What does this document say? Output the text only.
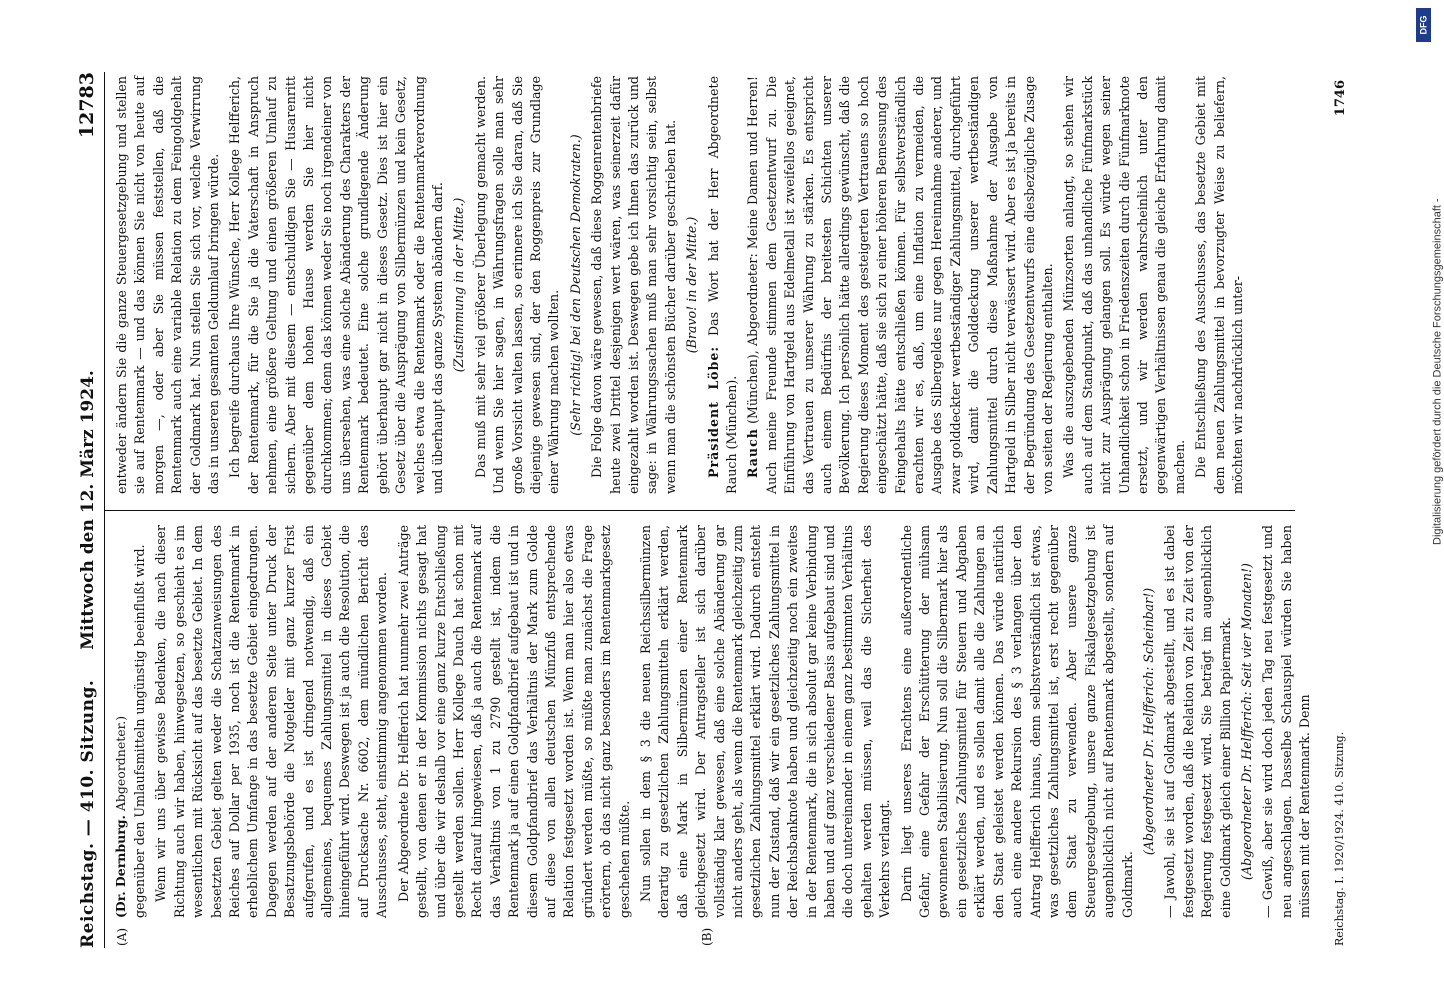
Reichstag. — 410. Sitzung.
Mittwoch den 12. März 1924.
12783
(A)	(B)
(Dr. Dernburg. Abgeordneter.) gegenüber den Umlaufsmitteln ungünstig beeinflußt wird. Wenn wir uns über gewisse Bedenken, die nach dieser Richtung auch wir haben, hinwegsetzen, so geschieht es im wesentlichen mit Rücksicht auf das besetzte Gebiet. In dem besetzten Gebiet gelten weder die Schatzanweisungen des Reiches auf Dollar per 1935, noch ist die Rentenmark in erheblichem Umfange in das besetzte Gebiet eingedrungen. Dagegen werden auf der anderen Seite unter Druck der Besatzungsbehörde die Notgelder mit ganz kurzer Frist aufgerufen, und es ist dringend notwendig, daß ein allgemeines, bequemes Zahlungsmittel in dieses Gebiet hineingeführt wird. Deswegen ist ja auch die Resolution, die auf Drucksache Nr. 6602, dem mündlichen Bericht des Ausschusses, steht, einstimmig angenommen worden. Der Abgeordnete Dr. Helfferich hat nunmehr zwei Anträge gestellt, von denen er in der Kommission nichts gesagt hat und über die wir deshalb vor eine ganz kurze Entschließung gestellt werden sollen. Herr Kollege Dauch hat schon mit Recht darauf hingewiesen, daß ja auch die Rentenmark auf das Verhältnis von 1 zu 2790 gestellt ist, indem die Rentenmark ja auf einen Goldpfandbrief aufgebaut ist und in diesem Goldpfandbrief das Verhältnis der Mark zum Golde auf diese von allen deutschen Münzfuß entsprechende Relation festgesetzt worden ist. Wenn man hier also etwas gründert werden müßte, so müßte man zunächst die Frage erörtern, ob das nicht ganz besonders im Rentenmarkgesetz geschehen müßte. Nun sollen in dem § 3 die neuen Reichssilbermünzen derartig zu gesetzlichen Zahlungsmitteln erklärt werden, daß eine Mark in Silbermünzen einer Rentenmark gleichgesetzt wird. Der Antragsteller ist sich darüber vollständig klar gewesen, daß eine solche Abänderung gar nicht anders geht, als wenn die Rentenmark gleichzeitig zum gesetzlichen Zahlungsmittel erklärt wird. Dadurch entsteht nun der Zustand, daß wir ein gesetzliches Zahlungsmittel in der Reichsbanknote haben und gleichzeitig noch ein zweites in der Rentenmark, die in sich absolut gar keine Verbindung haben und auf ganz verschiedener Basis aufgebaut sind und die doch untereinander in einem ganz bestimmten Verhältnis gehalten werden müssen, weil das die Sicherheit des Verkehrs verlangt. Darin liegt unseres Erachtens eine außerordentliche Gefahr, eine Gefahr der Erschütterung der mühsam gewonnenen Stabilisierung. Nun soll die Silbermark hier als ein gesetzliches Zahlungsmittel für Steuern und Abgaben erklärt werden, und es sollen damit alle die Zahlungen an den Staat geleistet werden können. Das würde natürlich auch eine andere Rekursion des § 3 verlangen über den Antrag Helfferich hinaus, denn selbstverständlich ist etwas, was gesetzliches Zahlungsmittel ist, erst recht gegenüber dem Staat zu verwenden. Aber unsere ganze Steuergesetzgebung, unsere ganze Fiskalgesetzgebung ist augenblicklich nicht auf Rentenmark abgestellt, sondern auf Goldmark.

(Abgeordneter Dr. Helfferich: Scheinbar!) — Jawohl, sie ist auf Goldmark abgestellt, und es ist dabei festgesetzt worden, daß die Relation von Zeit zu Zeit von der Regierung festgesetzt wird. Sie beträgt im augenblicklich eine Goldmark gleich einer Billion Papiermark. (Abgeordneter Dr. Helfferich: Seit vier Monaten!) — Gewiß, aber sie wird doch jeden Tag neu festgesetzt und neu angeschlagen. Dasselbe Schauspiel würden Sie haben müssen mit der Rentenmark. Denn

entweder ändern Sie die ganze Steuergesetzgebung und stellen sie auf Rentenmark — und das können Sie nicht von heute auf morgen —, oder aber Sie müssen feststellen, daß die Rentenmark auch eine variable Relation zu dem Feingoldgehalt der Goldmark hat. Nun stellen Sie sich vor, welche Verwirrung das in unseren gesamten Geldumlauf bringen würde. Ich begreife durchaus Ihre Wünsche, Herr Kollege Helfferich, der Rentenmark, für die Sie ja die Vaterschaft in Anspruch nehmen, eine größere Geltung und einen größeren Umlauf zu sichern. Aber mit diesem — entschuldigen Sie — Husarenritt gegenüber dem hohen Hause werden Sie hier nicht durchkommen; denn das können weder Sie noch irgendeiner von uns übersehen, was eine solche Abänderung des Charakters der Rentenmark bedeutet. Eine solche grundlegende Änderung gehört überhaupt gar nicht in dieses Gesetz. Dies ist hier ein Gesetz über die Ausprägung von Silbermünzen und kein Gesetz, welches etwa die Rentenmark oder die Rentenmarkverordnung und überhaupt das ganze System abändern darf. (Zustimmung in der Mitte.) Das muß mit sehr viel größerer Überlegung gemacht werden. Und wenn Sie hier sagen, in Währungsfragen solle man sehr große Vorsicht walten lassen, so erinnere ich Sie daran, daß Sie diejenige gewesen sind, der den Roggenpreis zur Grundlage einer Währung machen wollten. (Sehr richtig! bei den Deutschen Demokraten.) Die Folge davon wäre gewesen, daß diese Roggenrentenbriefe heute zwei Drittel desjenigen wert wären, was seinerzeit dafür eingezahlt worden ist. Deswegen gebe ich Ihnen das zurück und sage: in Währungssachen muß man sehr vorsichtig sein, selbst wenn man die schönsten Bücher darüber geschrieben hat. (Bravo! in der Mitte.)

Präsident Löbe: Das Wort hat der Herr Abgeordnete Rauch (München). Rauch (München), Abgeordneter: Meine Damen und Herren! Auch meine Freunde stimmen dem Gesetzentwurf zu. Die Einführung von Hartgeld aus Edelmetall ist zweifellos geeignet, das Vertrauen zu unserer Währung zu stärken. Es entspricht auch einem Bedürfnis der breitesten Schichten unserer Bevölkerung. Ich persönlich hätte allerdings gewünscht, daß die Regierung dieses Moment des gesteigerten Vertrauens so hoch eingeschätzt hätte, daß sie sich zu einer höheren Bemessung des Feingehalts hätte entschließen können. Für selbstverständlich erachten wir es, daß, um eine Inflation zu vermeiden, die Ausgabe des Silbergeldes nur gegen Hereinnahme anderer, und zwar golddeckter wertbeständiger Zahlungsmittel, durchgeführt wird, damit die Golddeckung unserer wertbeständigen Zahlungsmittel durch diese Maßnahme der Ausgabe von Hartgeld in Silber nicht verwässert wird. Aber es ist ja bereits in der Begründung des Gesetzentwurfs eine diesbezügliche Zusage von seiten der Regierung enthalten. Was die auszugebenden Münzsorten anlangt, so stehen wir auch auf dem Standpunkt, daß das unhandliche Fünfmarkstück nicht zur Ausprägung gelangen soll. Es würde wegen seiner Unhandlichkeit schon in Friedenszeiten durch die Fünfmarknote ersetzt, und wir werden wahrscheinlich unter den gegenwärtigen Verhältnissen genau die gleiche Erfahrung damit machen. Die Entschließung des Ausschusses, das besetzte Gebiet mit dem neuen Zahlungsmittel in bevorzugter Weise zu beliefern, möchten wir nachdrücklich unter-

Reichstag. I. 1920/1924. 410. Sitzung.
1746
DFG
Digitalisierung gefördert durch die Deutsche Forschungsgemeinschaft -
